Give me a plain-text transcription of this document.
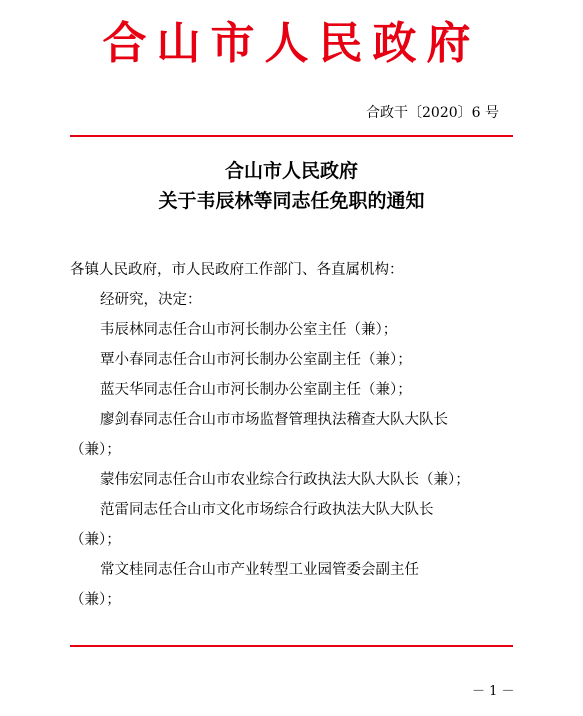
合山市人民政府
合政干〔2020〕6 号
合山市人民政府
关于韦辰林等同志任免职的通知
各镇人民政府，市人民政府工作部门、各直属机构：
经研究，决定：
韦辰林同志任合山市河长制办公室主任（兼）；
覃小春同志任合山市河长制办公室副主任（兼）；
蓝天华同志任合山市河长制办公室副主任（兼）；
廖剑春同志任合山市市场监督管理执法稽查大队大队长
（兼）；
蒙伟宏同志任合山市农业综合行政执法大队大队长（兼）；
范雷同志任合山市文化市场综合行政执法大队大队长
（兼）；
常文桂同志任合山市产业转型工业园管委会副主任
（兼）；
－ 1 －
